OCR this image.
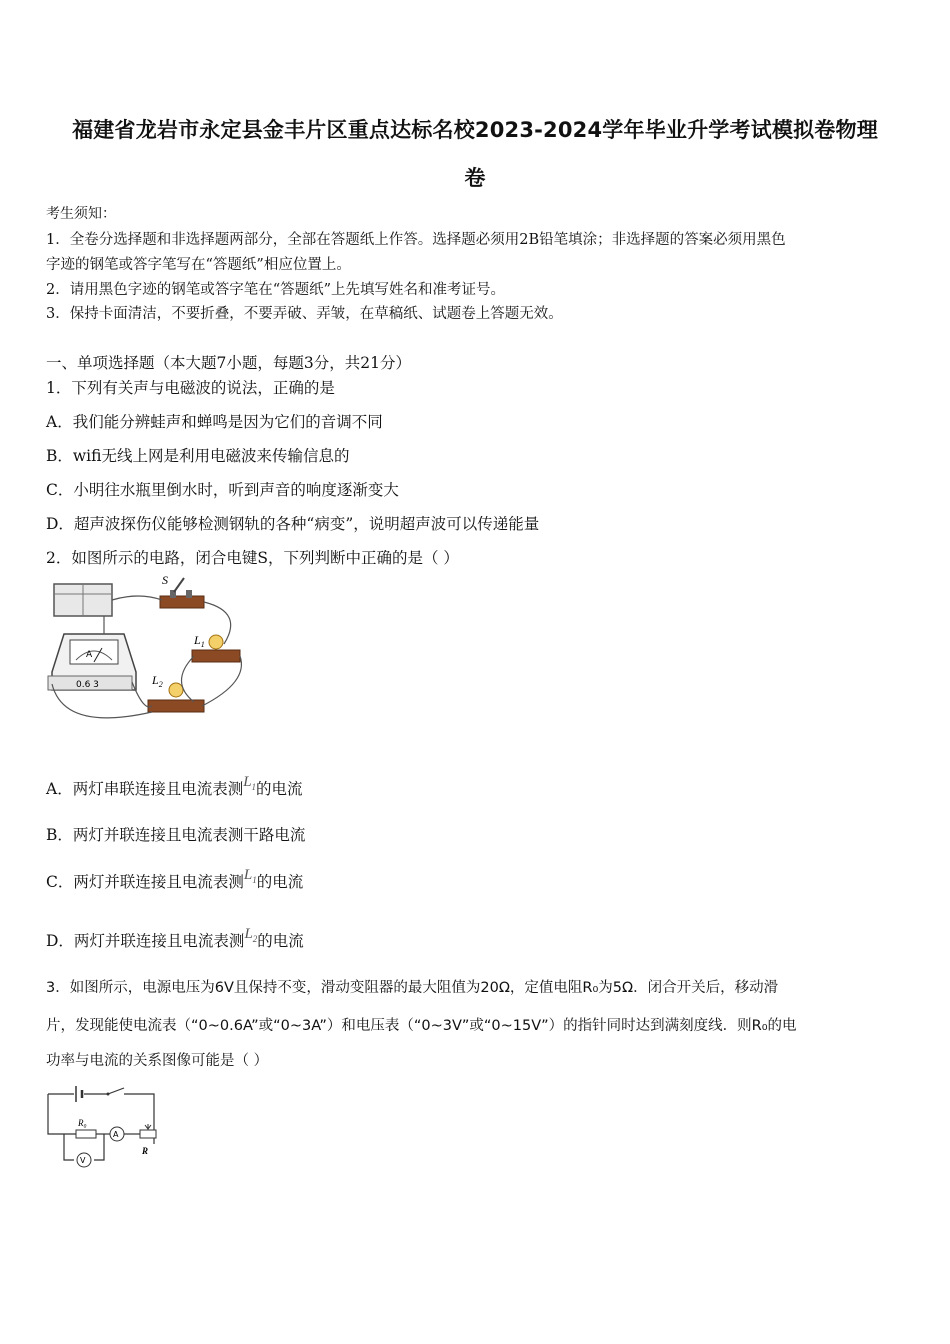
福建省龙岩市永定县金丰片区重点达标名校2023-2024学年毕业升学考试模拟卷物理
卷
考生须知：
1．全卷分选择题和非选择题两部分，全部在答题纸上作答。选择题必须用2B铅笔填涂；非选择题的答案必须用黑色
字迹的钢笔或答字笔写在“答题纸”相应位置上。
2．请用黑色字迹的钢笔或答字笔在“答题纸”上先填写姓名和准考证号。
3．保持卡面清洁，不要折叠，不要弄破、弄皱，在草稿纸、试题卷上答题无效。
一、单项选择题（本大题7小题，每题3分，共21分）
1．下列有关声与电磁波的说法，正确的是
A．我们能分辨蛙声和蝉鸣是因为它们的音调不同
B．wifi无线上网是利用电磁波来传输信息的
C．小明往水瓶里倒水时，听到声音的响度逐渐变大
D．超声波探伤仪能够检测钢轨的各种“病变”，说明超声波可以传递能量
2．如图所示的电路，闭合电键S，下列判断中正确的是（ ）
A
0.6 3
S
$L_1$
$L_2$
A．两灯串联连接且电流表测$L_1$的电流
B．两灯并联连接且电流表测干路电流
C．两灯并联连接且电流表测$L_1$的电流
D．两灯并联连接且电流表测$L_2$的电流
3．如图所示，电源电压为6V且保持不变，滑动变阻器的最大阻值为20Ω，定值电阻R₀为5Ω．闭合开关后，移动滑
片，发现能使电流表（“0~0.6A”或“0~3A”）和电压表（“0~3V”或“0~15V”）的指针同时达到满刻度线．则R₀的电
功率与电流的关系图像可能是（ ）
R₀
A
R
V
